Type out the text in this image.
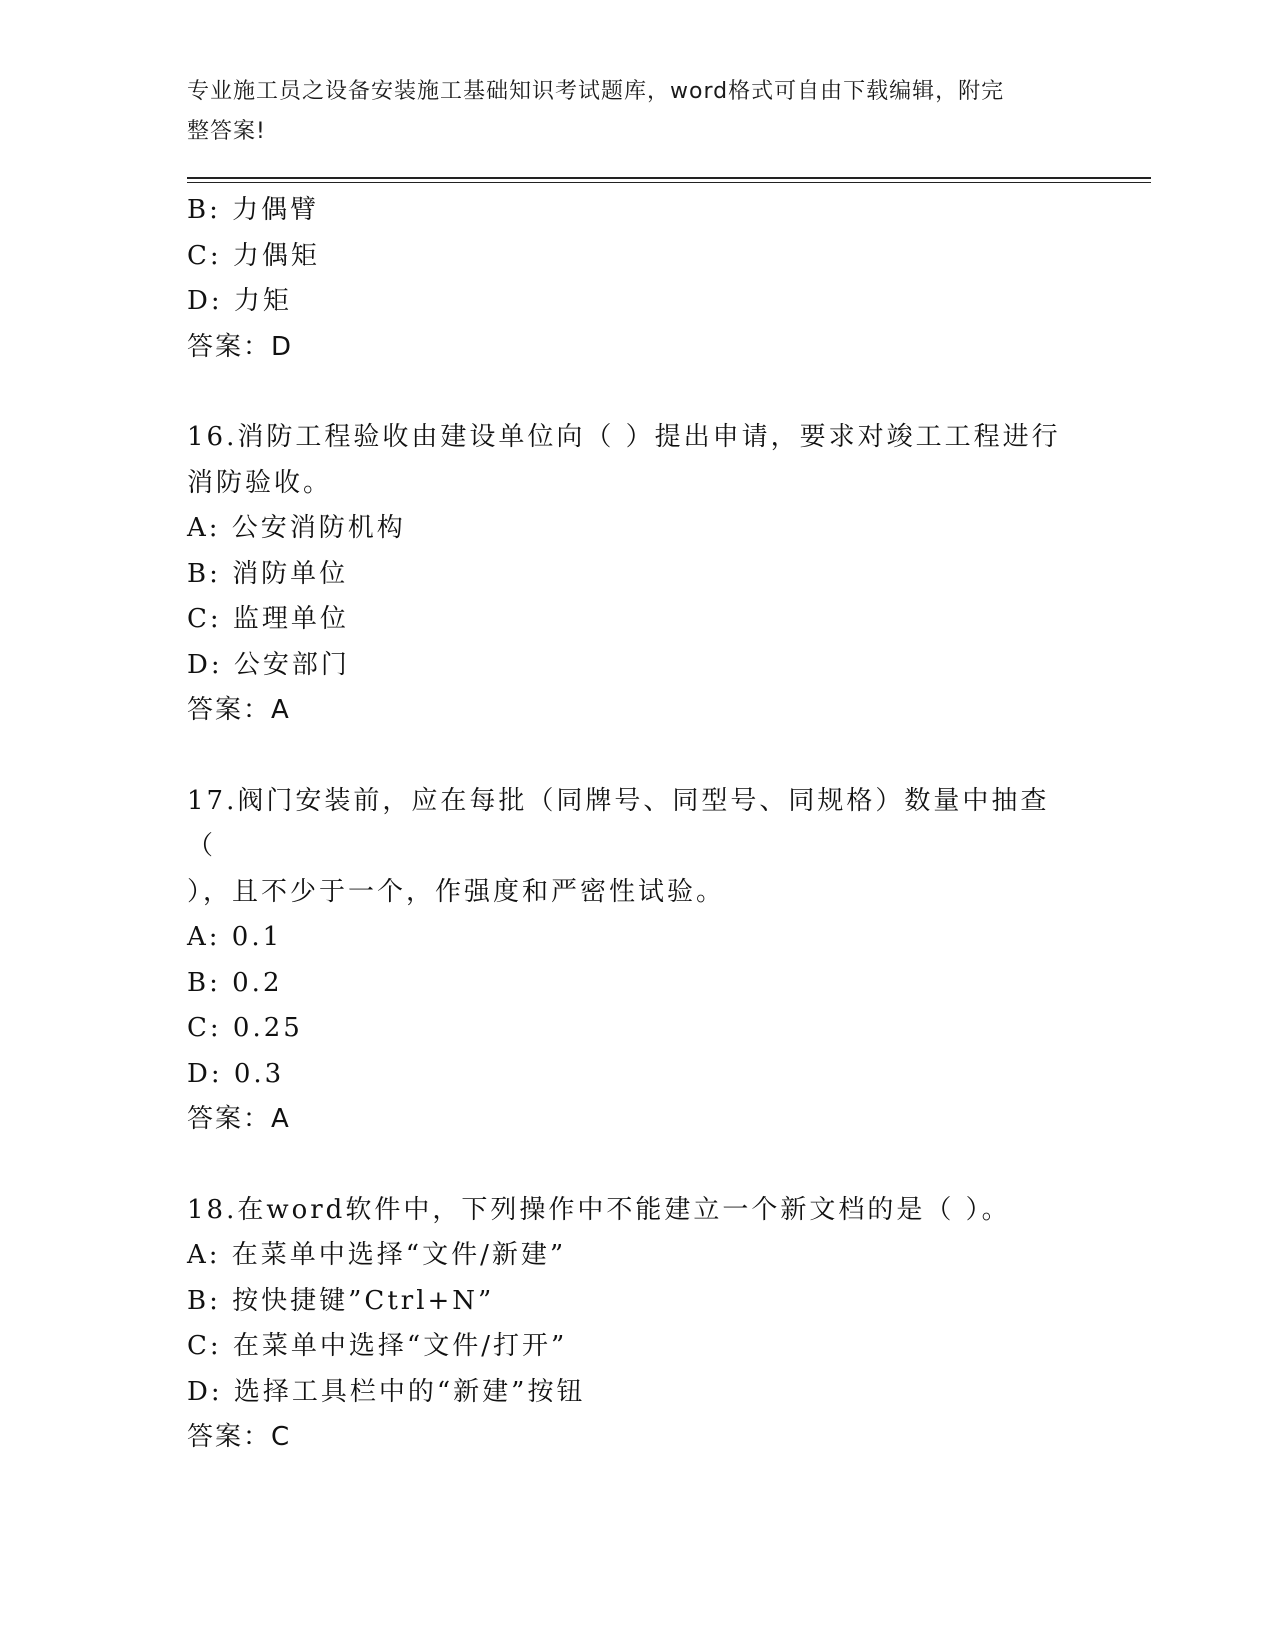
专业施工员之设备安装施工基础知识考试题库，word格式可自由下载编辑，附完
整答案!
B: 力偶臂
C: 力偶矩
D: 力矩
答案：D
16.消防工程验收由建设单位向（ ）提出申请，要求对竣工工程进行
消防验收。
A: 公安消防机构
B: 消防单位
C: 监理单位
D: 公安部门
答案：A
17.阀门安装前，应在每批（同牌号、同型号、同规格）数量中抽查（
），且不少于一个，作强度和严密性试验。
A: 0.1
B: 0.2
C: 0.25
D: 0.3
答案：A
18.在word软件中，下列操作中不能建立一个新文档的是（ ）。
A: 在菜单中选择“文件/新建”
B: 按快捷键”Ctrl+N”
C: 在菜单中选择“文件/打开”
D: 选择工具栏中的“新建”按钮
答案：C
